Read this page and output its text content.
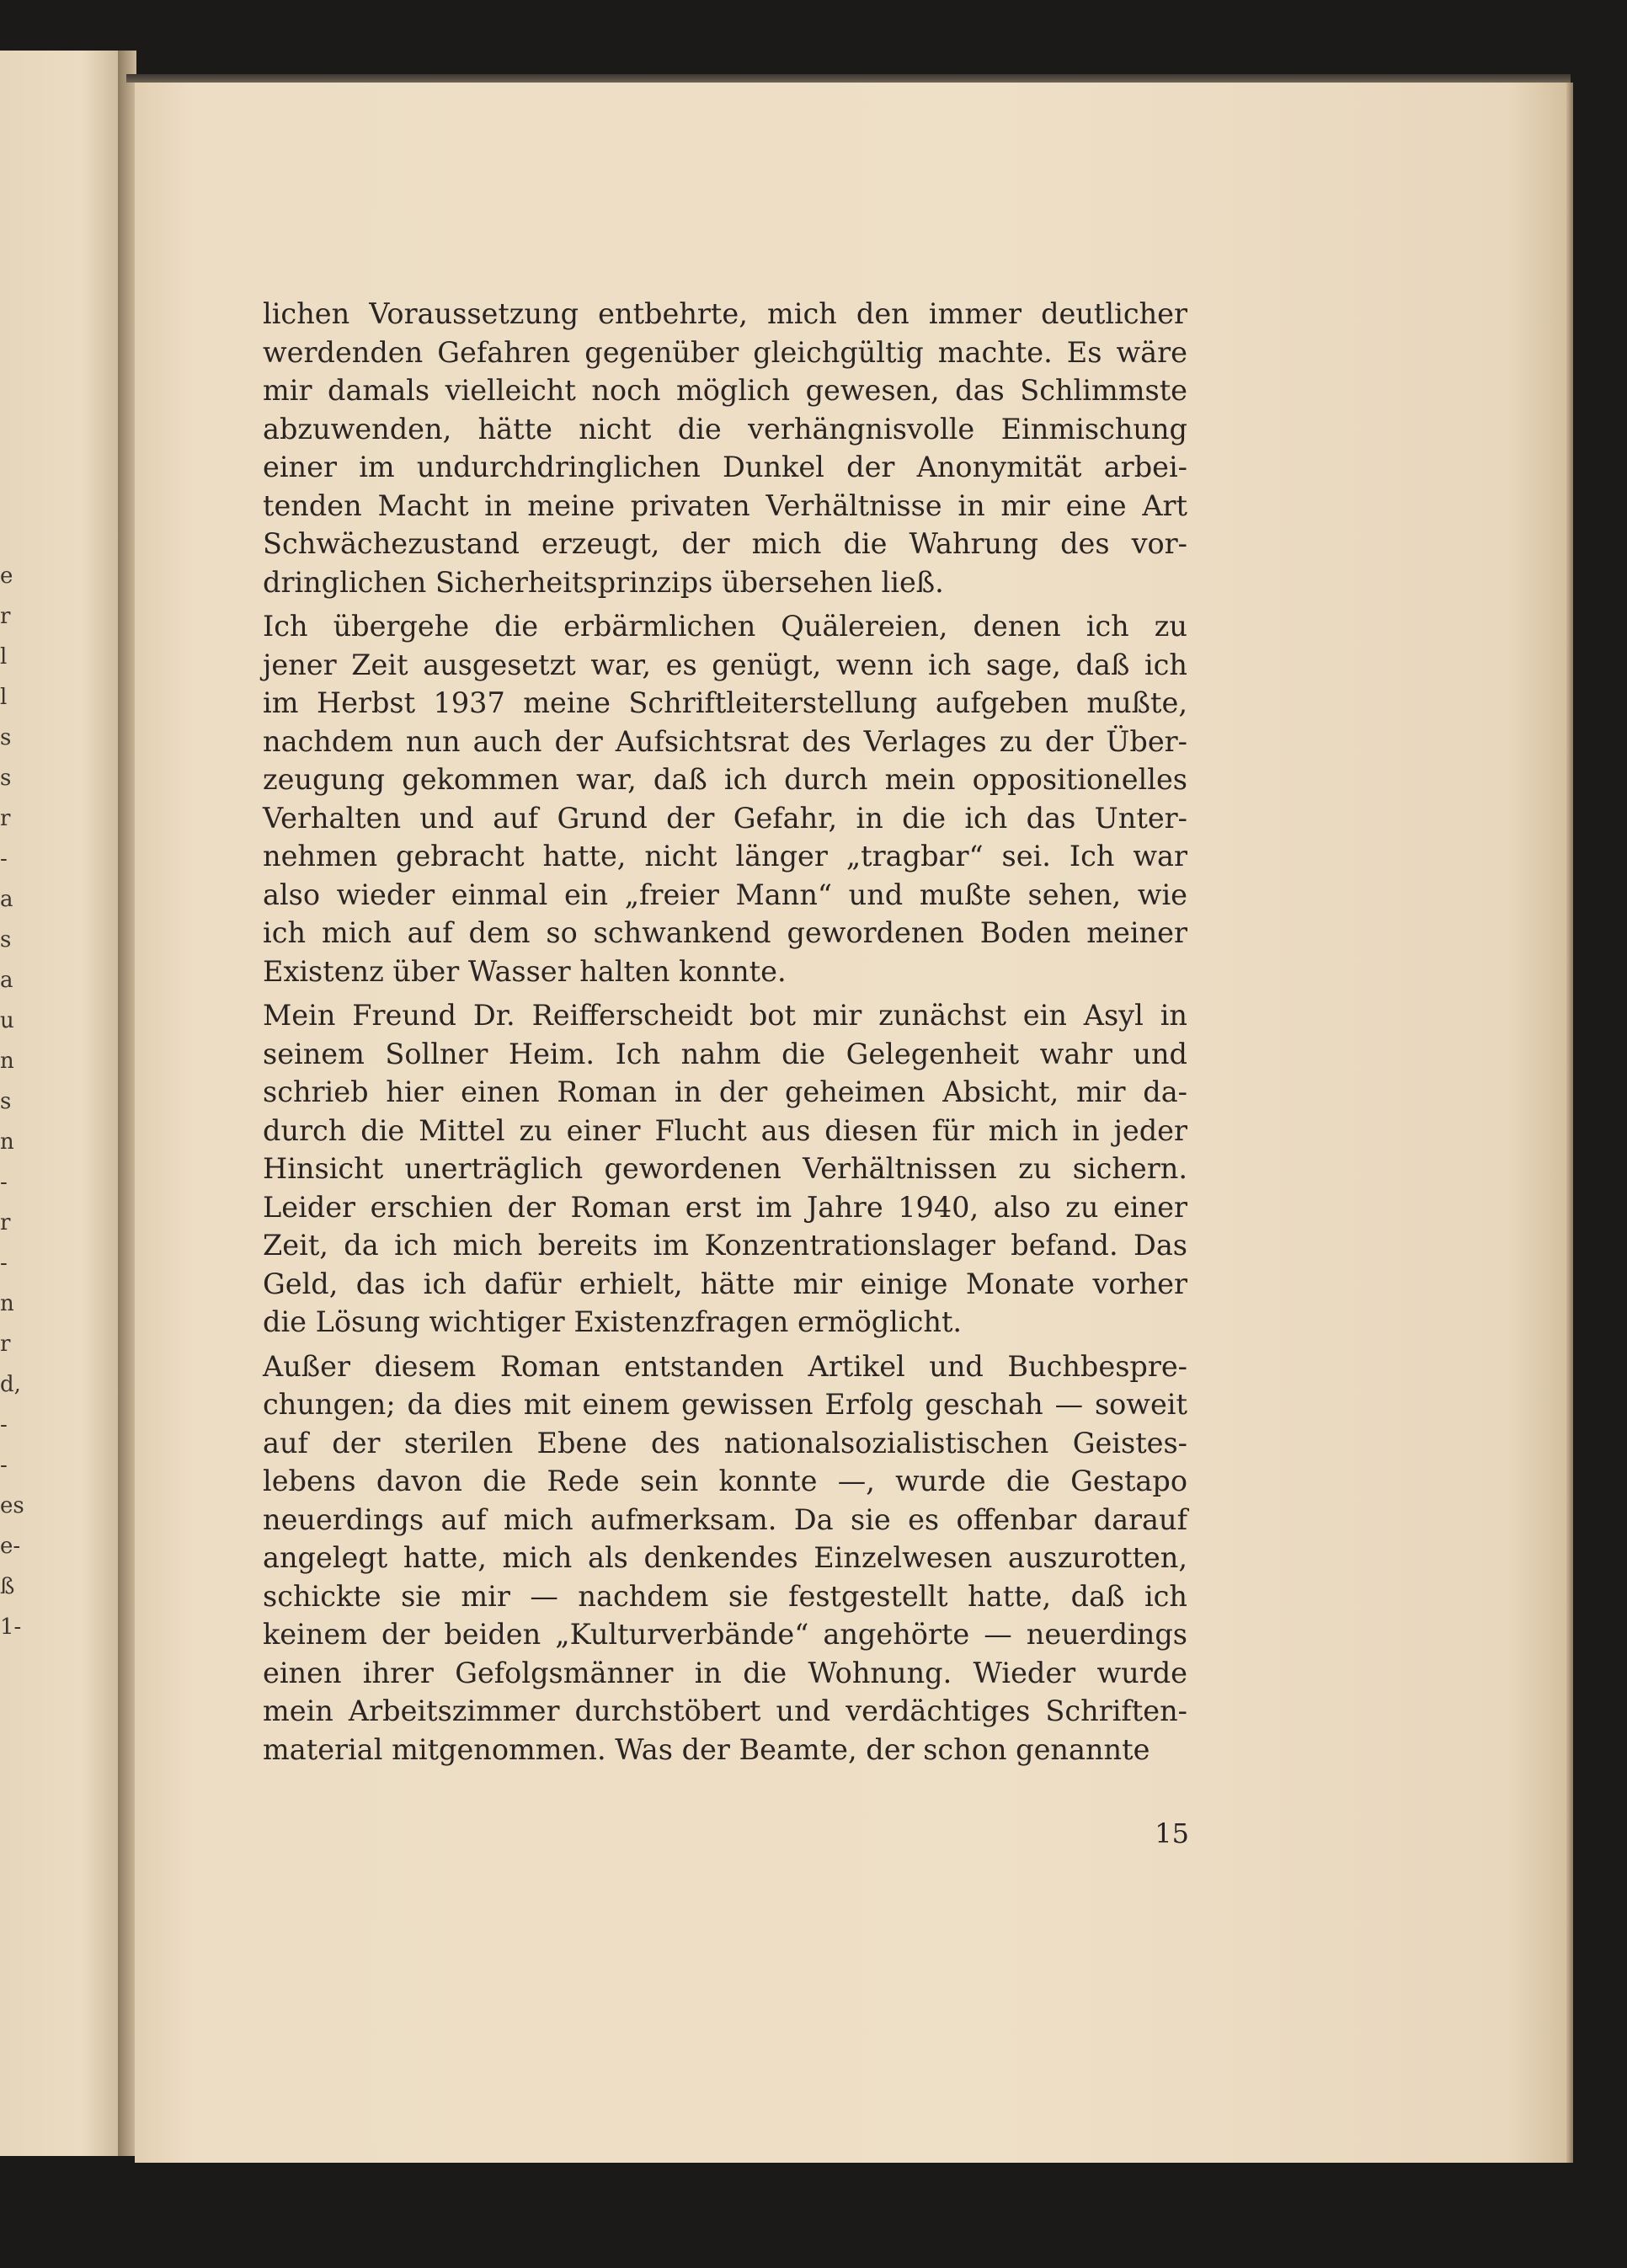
e
r
l
l
s
s
r
-
a
s
a
u
n
s
n
-
r
-
n
r
d,
-
-
es
e-
ß
1-
lichen Voraussetzung entbehrte, mich den immer deutlicher
werdenden Gefahren gegenüber gleichgültig machte. Es wäre
mir damals vielleicht noch möglich gewesen, das Schlimmste
abzuwenden, hätte nicht die verhängnisvolle Einmischung
einer im undurchdringlichen Dunkel der Anonymität arbei-
tenden Macht in meine privaten Verhältnisse in mir eine Art
Schwächezustand erzeugt, der mich die Wahrung des vor-
dringlichen Sicherheitsprinzips übersehen ließ.
Ich übergehe die erbärmlichen Quälereien, denen ich zu
jener Zeit ausgesetzt war, es genügt, wenn ich sage, daß ich
im Herbst 1937 meine Schriftleiterstellung aufgeben mußte,
nachdem nun auch der Aufsichtsrat des Verlages zu der Über-
zeugung gekommen war, daß ich durch mein oppositionelles
Verhalten und auf Grund der Gefahr, in die ich das Unter-
nehmen gebracht hatte, nicht länger „tragbar“ sei. Ich war
also wieder einmal ein „freier Mann“ und mußte sehen, wie
ich mich auf dem so schwankend gewordenen Boden meiner
Existenz über Wasser halten konnte.
Mein Freund Dr. Reifferscheidt bot mir zunächst ein Asyl in
seinem Sollner Heim. Ich nahm die Gelegenheit wahr und
schrieb hier einen Roman in der geheimen Absicht, mir da-
durch die Mittel zu einer Flucht aus diesen für mich in jeder
Hinsicht unerträglich gewordenen Verhältnissen zu sichern.
Leider erschien der Roman erst im Jahre 1940, also zu einer
Zeit, da ich mich bereits im Konzentrationslager befand. Das
Geld, das ich dafür erhielt, hätte mir einige Monate vorher
die Lösung wichtiger Existenzfragen ermöglicht.
Außer diesem Roman entstanden Artikel und Buchbespre-
chungen; da dies mit einem gewissen Erfolg geschah — soweit
auf der sterilen Ebene des nationalsozialistischen Geistes-
lebens davon die Rede sein konnte —, wurde die Gestapo
neuerdings auf mich aufmerksam. Da sie es offenbar darauf
angelegt hatte, mich als denkendes Einzelwesen auszurotten,
schickte sie mir — nachdem sie festgestellt hatte, daß ich
keinem der beiden „Kulturverbände“ angehörte — neuerdings
einen ihrer Gefolgsmänner in die Wohnung. Wieder wurde
mein Arbeitszimmer durchstöbert und verdächtiges Schriften-
material mitgenommen. Was der Beamte, der schon genannte
15
